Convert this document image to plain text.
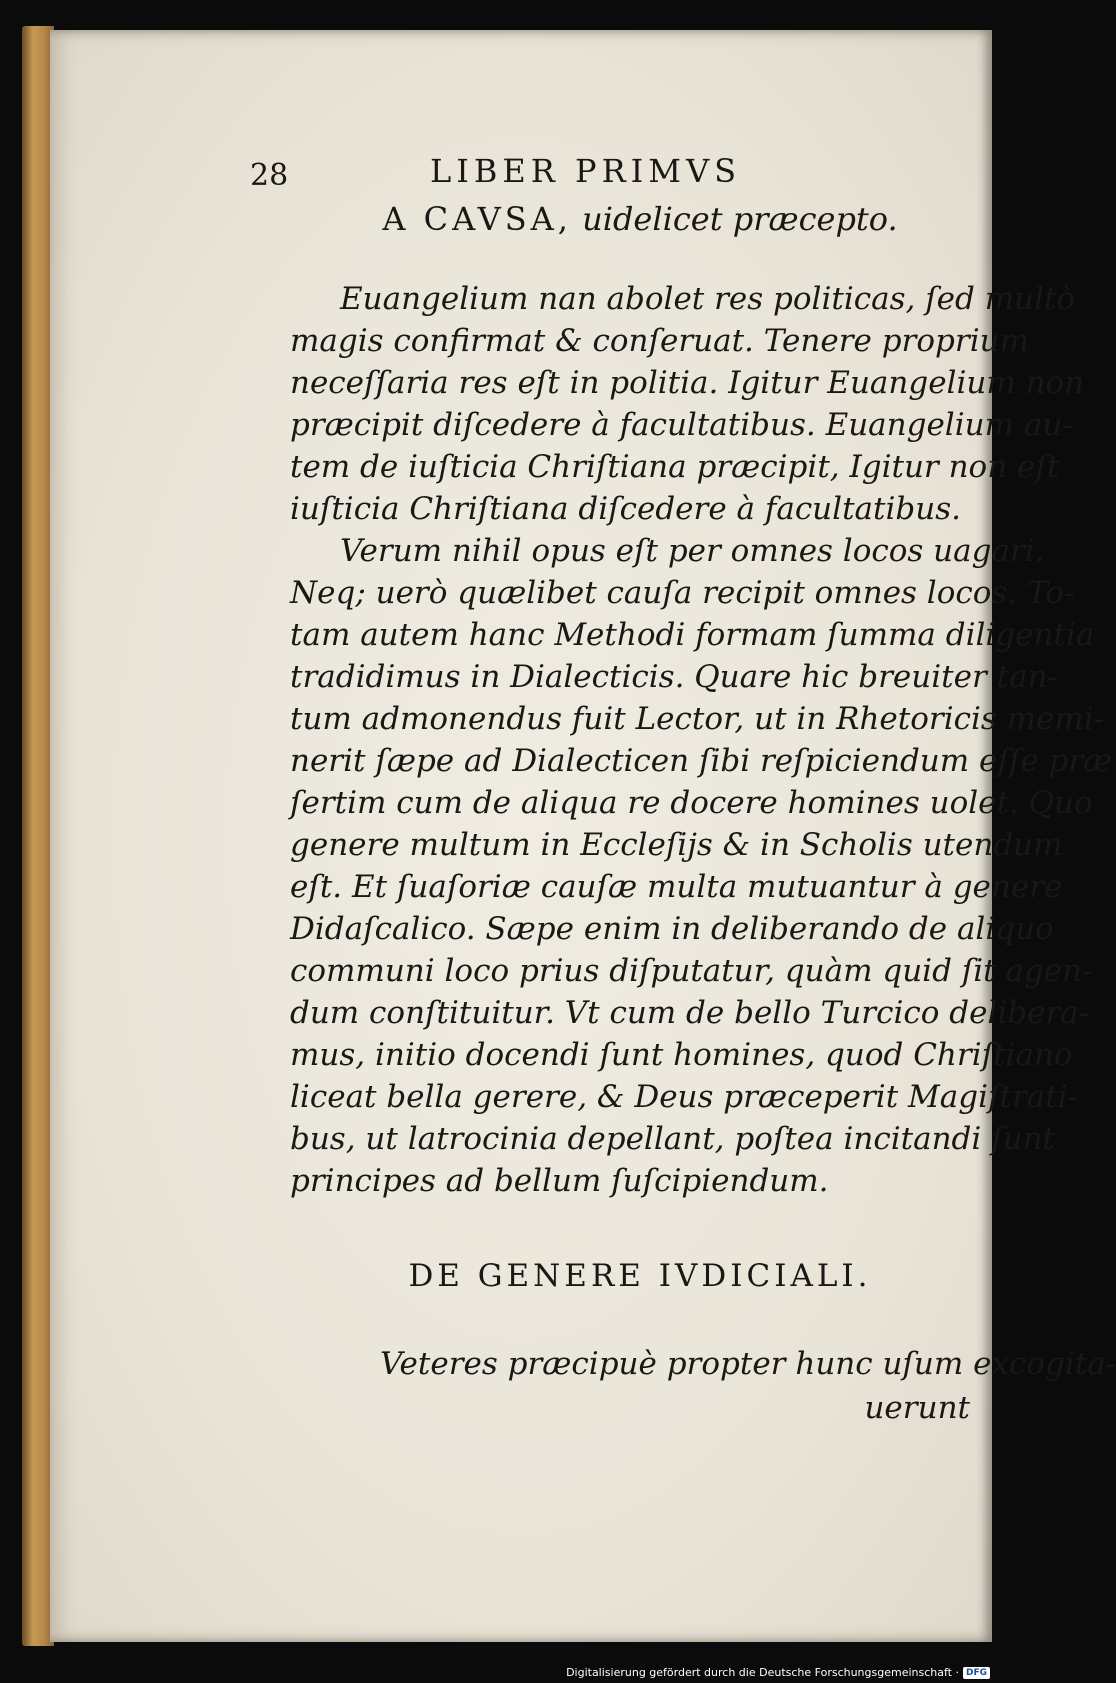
28	LIBER PRIMVS
A CAVSA, uidelicet præcepto.
Euangelium nan abolet res politicas, ſed multò
magis confirmat & conſeruat. Tenere proprium
neceſſaria res eſt in politia. Igitur Euangelium non
præcipit diſcedere à facultatibus. Euangelium au-
tem de iuſticia Chriſtiana præcipit, Igitur non eſt
iuſticia Chriſtiana diſcedere à facultatibus.
Verum nihil opus eſt per omnes locos uagari.
Neq; uerò quælibet cauſa recipit omnes locos. To-
tam autem hanc Methodi formam ſumma diligentia
tradidimus in Dialecticis. Quare hic breuiter tan-
tum admonendus fuit Lector, ut in Rhetoricis memi-
nerit ſæpe ad Dialecticen ſibi reſpiciendum eſſe præ
ſertim cum de aliqua re docere homines uolet. Quo
genere multum in Eccleſijs & in Scholis utendum
eſt. Et ſuaſoriæ cauſæ multa mutuantur à genere
Didaſcalico. Sæpe enim in deliberando de aliquo
communi loco prius diſputatur, quàm quid ſit agen-
dum conſtituitur. Vt cum de bello Turcico delibera-
mus, initio docendi ſunt homines, quod Chriſtiano
liceat bella gerere, & Deus præceperit Magiſtrati-
bus, ut latrocinia depellant, poſtea incitandi ſunt
principes ad bellum ſuſcipiendum.
DE GENERE IVDICIALI.
Veteres præcipuè propter hunc uſum excogita-
uerunt
Digitalisierung gefördert durch die Deutsche Forschungsgemeinschaft · DFG
